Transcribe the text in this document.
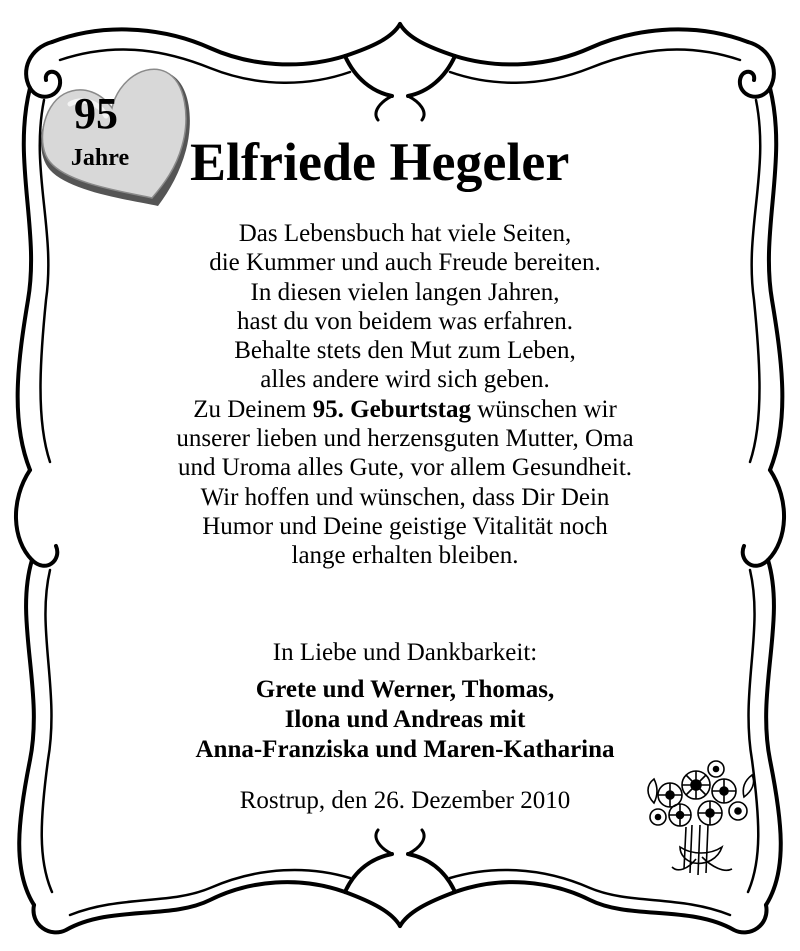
95
Jahre	Elfriede Hegeler
Das Lebensbuch hat viele Seiten,
die Kummer und auch Freude bereiten.
In diesen vielen langen Jahren,
hast du von beidem was erfahren.
Behalte stets den Mut zum Leben,
alles andere wird sich geben.
Zu Deinem 95. Geburtstag wünschen wir
unserer lieben und herzensguten Mutter, Oma
und Uroma alles Gute, vor allem Gesundheit.
Wir hoffen und wünschen, dass Dir Dein
Humor und Deine geistige Vitalität noch
lange erhalten bleiben.
In Liebe und Dankbarkeit:
Grete und Werner, Thomas,
Ilona und Andreas mit
Anna-Franziska und Maren-Katharina
Rostrup, den 26. Dezember 2010
